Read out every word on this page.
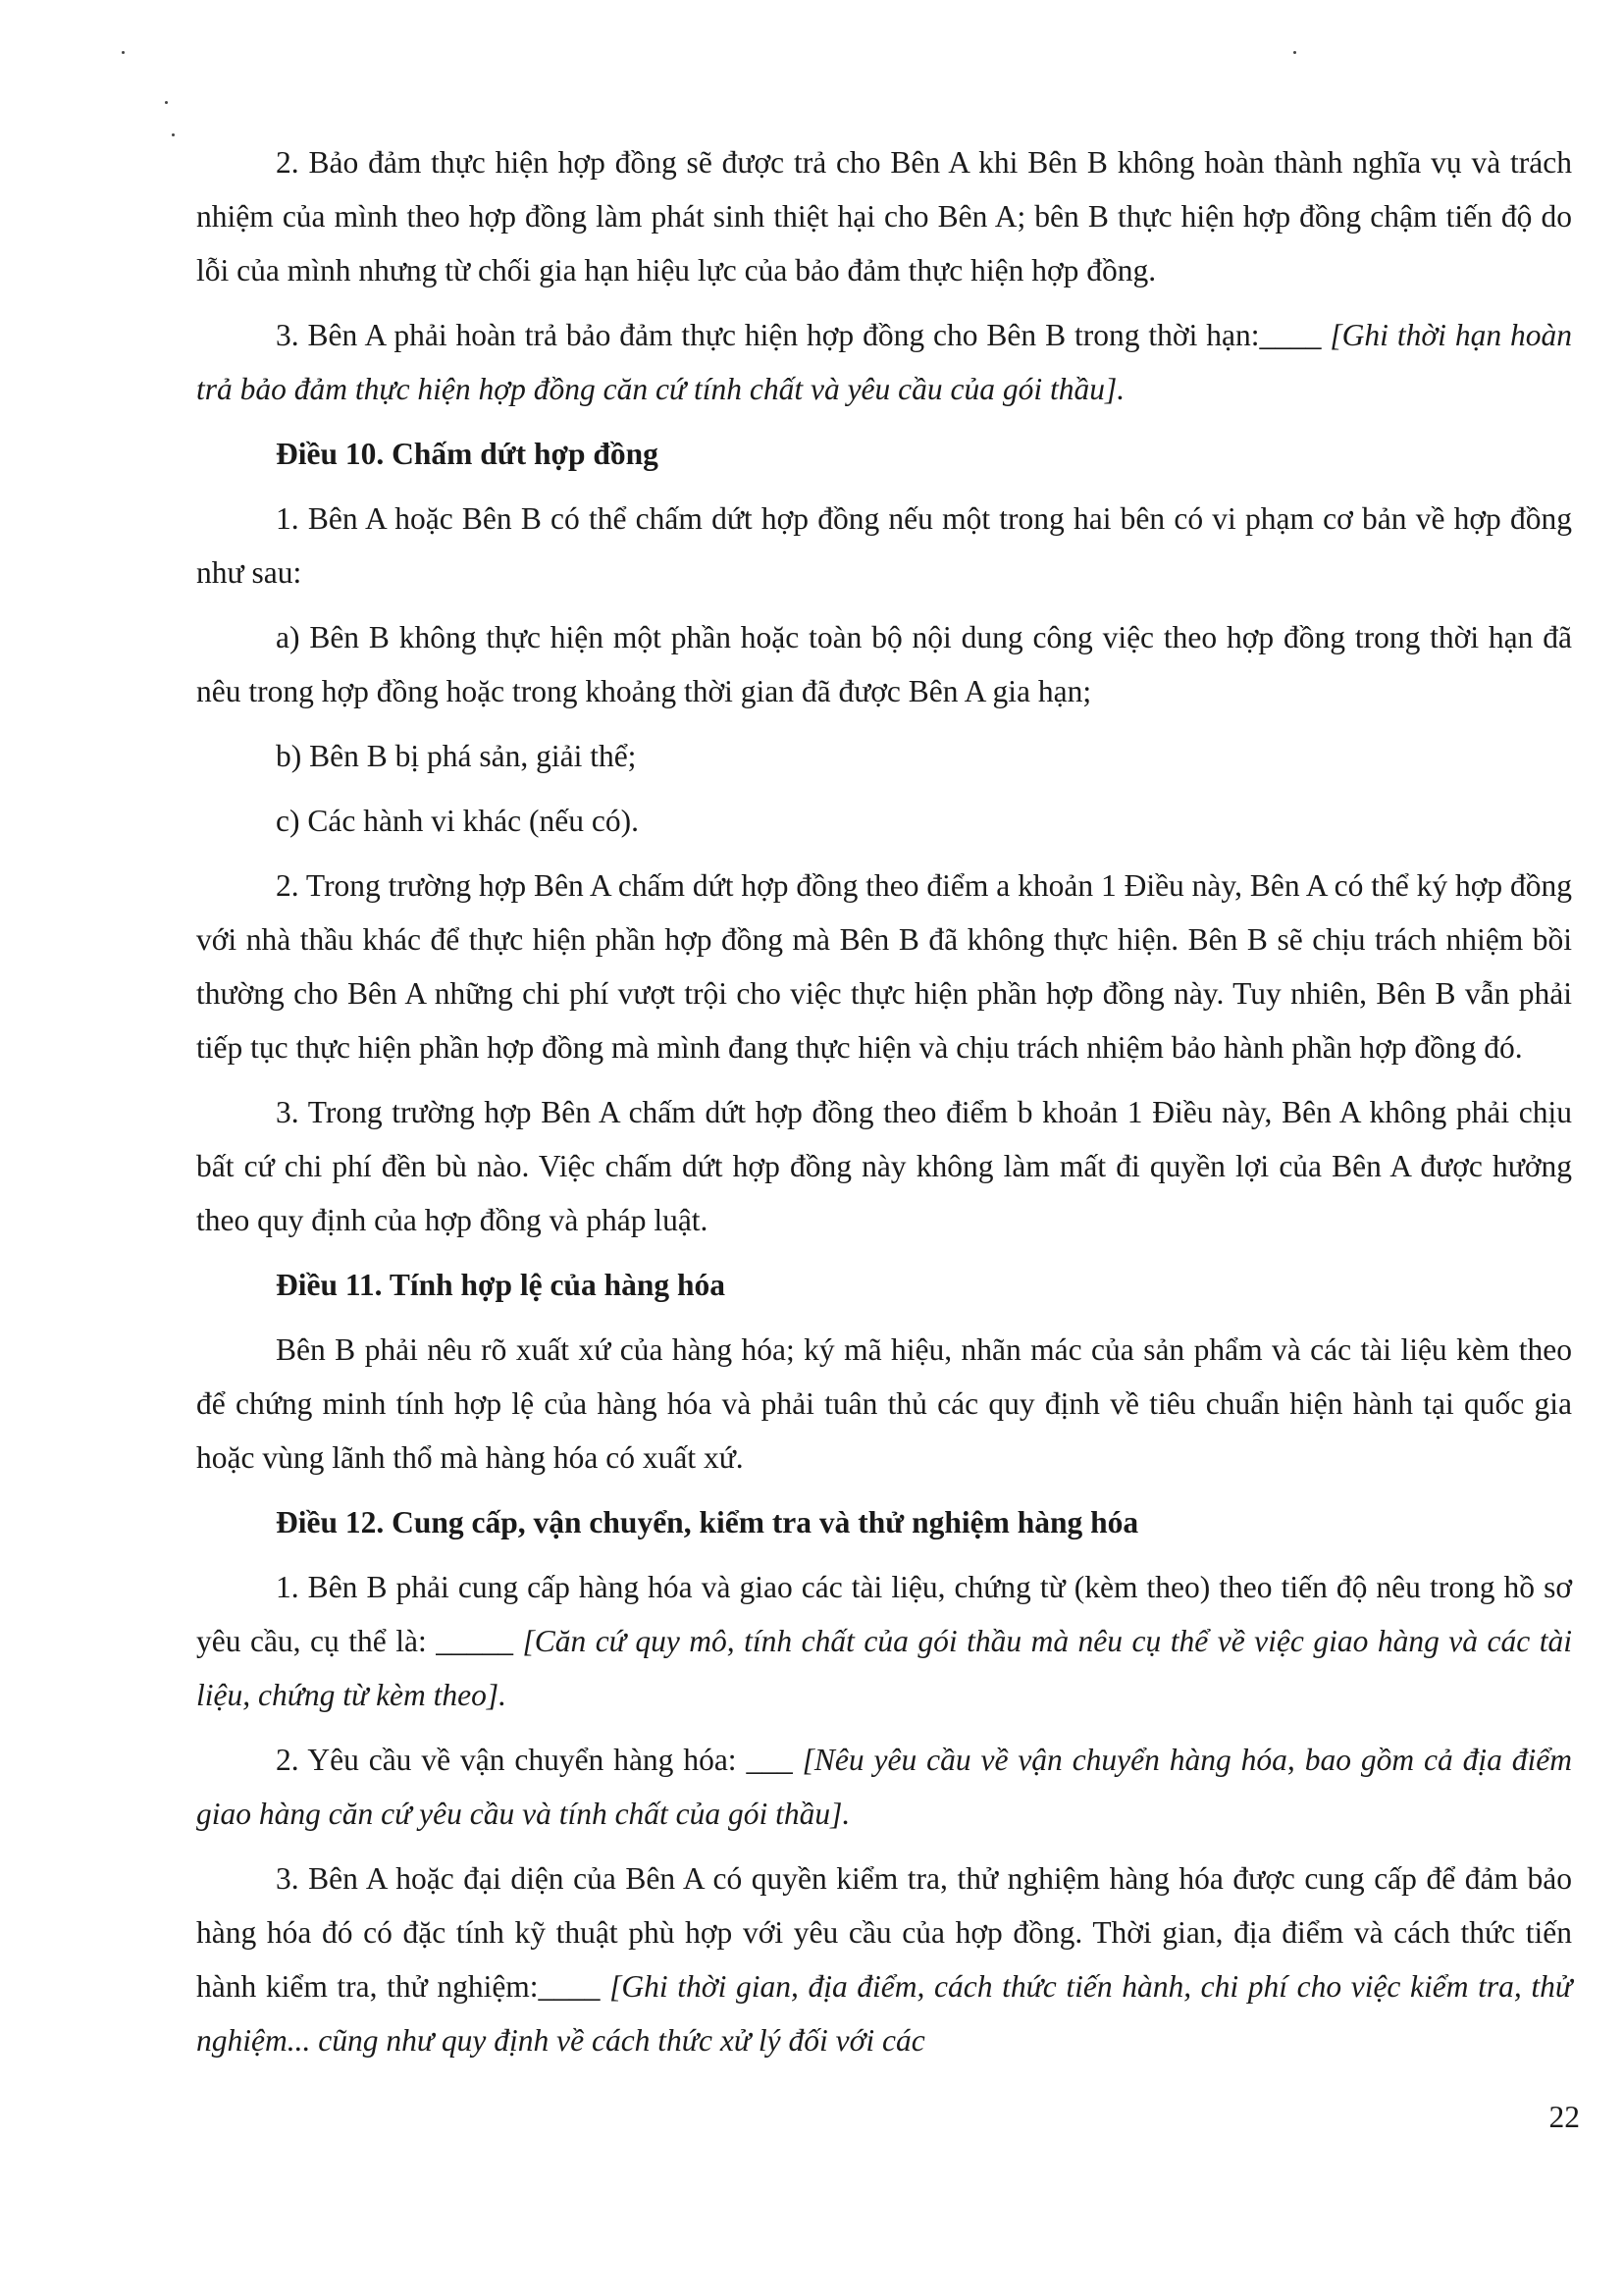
2. Bảo đảm thực hiện hợp đồng sẽ được trả cho Bên A khi Bên B không hoàn thành nghĩa vụ và trách nhiệm của mình theo hợp đồng làm phát sinh thiệt hại cho Bên A; bên B thực hiện hợp đồng chậm tiến độ do lỗi của mình nhưng từ chối gia hạn hiệu lực của bảo đảm thực hiện hợp đồng.

3. Bên A phải hoàn trả bảo đảm thực hiện hợp đồng cho Bên B trong thời hạn:____ [Ghi thời hạn hoàn trả bảo đảm thực hiện hợp đồng căn cứ tính chất và yêu cầu của gói thầu].

Điều 10. Chấm dứt hợp đồng

1. Bên A hoặc Bên B có thể chấm dứt hợp đồng nếu một trong hai bên có vi phạm cơ bản về hợp đồng như sau:

a) Bên B không thực hiện một phần hoặc toàn bộ nội dung công việc theo hợp đồng trong thời hạn đã nêu trong hợp đồng hoặc trong khoảng thời gian đã được Bên A gia hạn;

b) Bên B bị phá sản, giải thể;

c) Các hành vi khác (nếu có).

2. Trong trường hợp Bên A chấm dứt hợp đồng theo điểm a khoản 1 Điều này, Bên A có thể ký hợp đồng với nhà thầu khác để thực hiện phần hợp đồng mà Bên B đã không thực hiện. Bên B sẽ chịu trách nhiệm bồi thường cho Bên A những chi phí vượt trội cho việc thực hiện phần hợp đồng này. Tuy nhiên, Bên B vẫn phải tiếp tục thực hiện phần hợp đồng mà mình đang thực hiện và chịu trách nhiệm bảo hành phần hợp đồng đó.

3. Trong trường hợp Bên A chấm dứt hợp đồng theo điểm b khoản 1 Điều này, Bên A không phải chịu bất cứ chi phí đền bù nào. Việc chấm dứt hợp đồng này không làm mất đi quyền lợi của Bên A được hưởng theo quy định của hợp đồng và pháp luật.

Điều 11. Tính hợp lệ của hàng hóa

Bên B phải nêu rõ xuất xứ của hàng hóa; ký mã hiệu, nhãn mác của sản phẩm và các tài liệu kèm theo để chứng minh tính hợp lệ của hàng hóa và phải tuân thủ các quy định về tiêu chuẩn hiện hành tại quốc gia hoặc vùng lãnh thổ mà hàng hóa có xuất xứ.

Điều 12. Cung cấp, vận chuyển, kiểm tra và thử nghiệm hàng hóa

1. Bên B phải cung cấp hàng hóa và giao các tài liệu, chứng từ (kèm theo) theo tiến độ nêu trong hồ sơ yêu cầu, cụ thể là: _____ [Căn cứ quy mô, tính chất của gói thầu mà nêu cụ thể về việc giao hàng và các tài liệu, chứng từ kèm theo].

2. Yêu cầu về vận chuyển hàng hóa: ___ [Nêu yêu cầu về vận chuyển hàng hóa, bao gồm cả địa điểm giao hàng căn cứ yêu cầu và tính chất của gói thầu].

3. Bên A hoặc đại diện của Bên A có quyền kiểm tra, thử nghiệm hàng hóa được cung cấp để đảm bảo hàng hóa đó có đặc tính kỹ thuật phù hợp với yêu cầu của hợp đồng. Thời gian, địa điểm và cách thức tiến hành kiểm tra, thử nghiệm:____ [Ghi thời gian, địa điểm, cách thức tiến hành, chi phí cho việc kiểm tra, thử nghiệm... cũng như quy định về cách thức xử lý đối với các

22
